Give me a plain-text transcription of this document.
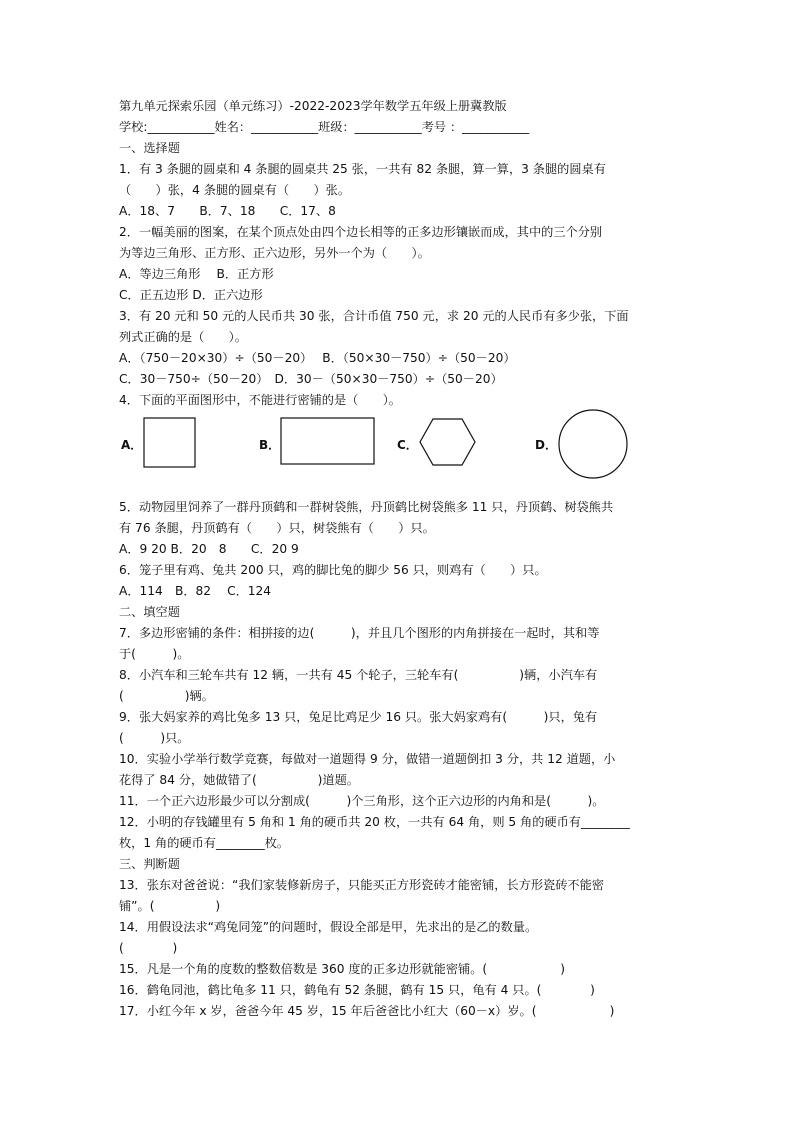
第九单元探索乐园（单元练习）-2022-2023学年数学五年级上册冀教版
学校:___________姓名：___________班级：___________考号 ：___________
一、选择题
1．有 3 条腿的圆桌和 4 条腿的圆桌共 25 张，一共有 82 条腿，算一算，3 条腿的圆桌有
（　　）张，4 条腿的圆桌有（　　）张。
A．18、7　　B．7、18　　C．17、8
2．一幅美丽的图案，在某个顶点处由四个边长相等的正多边形镶嵌而成，其中的三个分别
为等边三角形、正方形、正六边形，另外一个为（　　）。
A．等边三角形　 B．正方形
C．正五边形 D．正六边形
3．有 20 元和 50 元的人民币共 30 张，合计币值 750 元，求 20 元的人民币有多少张，下面
列式正确的是（　　）。
A．（750－20×30）÷（50－20）　 B．（50×30－750）÷（50－20）
C．30－750÷（50－20）　D．30－（50×30－750）÷（50－20）
4．下面的平面图形中，不能进行密铺的是（　　）。
A．	B．	C．	D．
5．动物园里饲养了一群丹顶鹤和一群树袋熊，丹顶鹤比树袋熊多 11 只，丹顶鹤、树袋熊共
有 76 条腿，丹顶鹤有（　　）只，树袋熊有（　　）只。
A．9 20 B．20　8　　C．20 9
6．笼子里有鸡、兔共 200 只，鸡的脚比兔的脚少 56 只，则鸡有（　　）只。
A．114　B．82　 C．124
二、填空题
7．多边形密铺的条件：相拼接的边(　　　)，并且几个图形的内角拼接在一起时，其和等
于(　　　)。
8．小汽车和三轮车共有 12 辆，一共有 45 个轮子，三轮车有(　　　　　)辆，小汽车有
(　　　　　)辆。
9．张大妈家养的鸡比兔多 13 只，兔足比鸡足少 16 只。张大妈家鸡有(　　　)只，兔有
(　　　)只。
10．实验小学举行数学竞赛，每做对一道题得 9 分，做错一道题倒扣 3 分，共 12 道题，小
花得了 84 分，她做错了(　　　　　)道题。
11．一个正六边形最少可以分割成(　　　)个三角形，这个正六边形的内角和是(　　　)。
12．小明的存钱罐里有 5 角和 1 角的硬币共 20 枚，一共有 64 角，则 5 角的硬币有________
枚，1 角的硬币有________枚。
三、判断题
13．张东对爸爸说：“我们家装修新房子，只能买正方形瓷砖才能密铺，长方形瓷砖不能密
铺”。(　　　　　)
14．用假设法求“鸡兔同笼”的问题时，假设全部是甲，先求出的是乙的数量。
(　　　　)
15．凡是一个角的度数的整数倍数是 360 度的正多边形就能密铺。(　　　　　　)
16．鹤龟同池，鹤比龟多 11 只，鹤龟有 52 条腿，鹤有 15 只，龟有 4 只。(　　　　)
17．小红今年 x 岁，爸爸今年 45 岁，15 年后爸爸比小红大（60－x）岁。(　　　　　　)
